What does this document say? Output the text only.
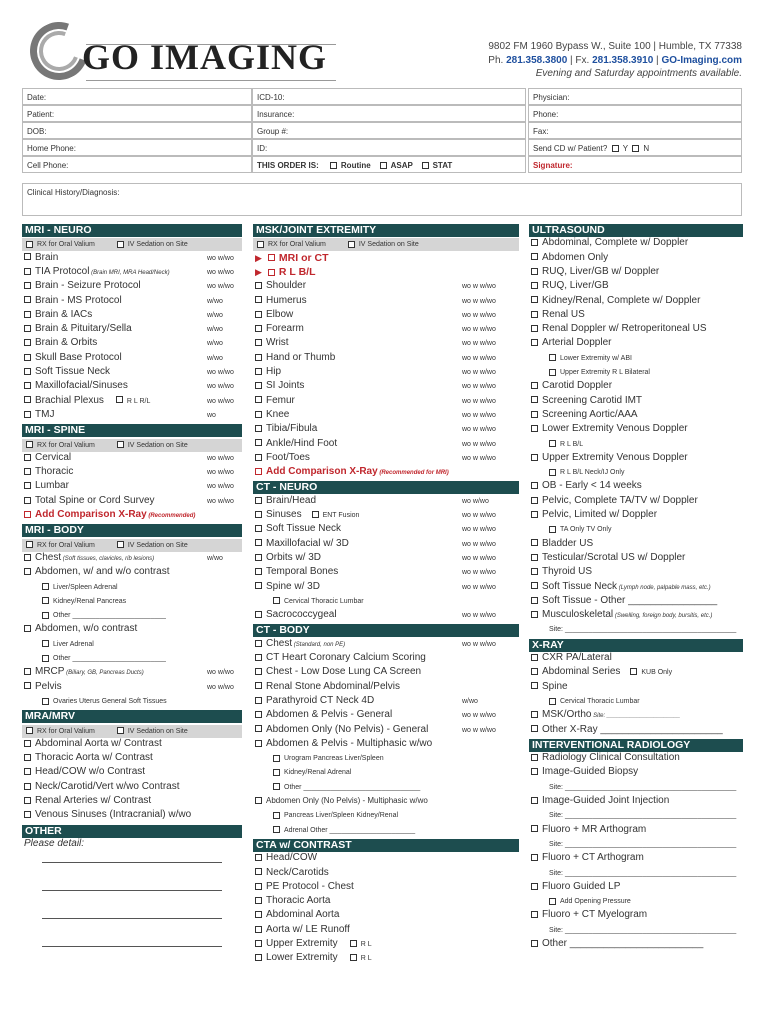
GO IMAGING	9802 FM 1960 Bypass W., Suite 100 | Humble, TX 77338
Ph. 281.358.3800 | Fx. 281.358.3910 | GO-Imaging.com
Evening and Saturday appointments available.
Date:	ICD-10:	Physician:
Patient:	Insurance:	Phone:
DOB:	Group #:	Fax:
Home Phone:	ID:	Send CD w/ Patient? Y N
Cell Phone:	THIS ORDER IS:	Routine ASAP STAT	Signature:
Clinical History/Diagnosis:
MRI - NEURO
RX for Oral Valium	IV Sedation on Site
Brain	wo w/wo
TIA Protocol (Brain MRI, MRA Head/Neck)	wo w/wo
Brain - Seizure Protocol	wo w/wo
Brain - MS Protocol	w/wo
Brain & IACs	w/wo
Brain & Pituitary/Sella	w/wo
Brain & Orbits	w/wo
Skull Base Protocol	w/wo
Soft Tissue Neck	wo w/wo
Maxillofacial/Sinuses	wo w/wo
Brachial Plexus	R L R/L	wo w/wo
TMJ	wo
MRI - SPINE
RX for Oral Valium	IV Sedation on Site
Cervical	wo w/wo
Thoracic	wo w/wo
Lumbar	wo w/wo
Total Spine or Cord Survey	wo w/wo
Add Comparison X-Ray (Recommended)
MRI - BODY
RX for Oral Valium	IV Sedation on Site
Chest (Soft tissues, clavicles, rib lesions)	w/wo
Abdomen, w/ and w/o contrast
Liver/Spleen Adrenal
Kidney/Renal Pancreas
Other ________________________
Abdomen, w/o contrast
Liver Adrenal
Other ________________________
MRCP (Biliary, GB, Pancreas Ducts)	wo w/wo
Pelvis	wo w/wo
Ovaries Uterus General Soft Tissues
MRA/MRV
RX for Oral Valium	IV Sedation on Site
Abdominal Aorta w/ Contrast
Thoracic Aorta w/ Contrast
Head/COW w/o Contrast
Neck/Carotid/Vert w/wo Contrast
Renal Arteries w/ Contrast
Venous Sinuses (Intracranial) w/wo
OTHER
Please detail:
MSK/JOINT EXTREMITY
RX for Oral Valium	IV Sedation on Site
▶ MRI or CT
▶ R L B/L
Shoulder	wo w w/wo
Humerus	wo w w/wo
Elbow	wo w w/wo
Forearm	wo w w/wo
Wrist	wo w w/wo
Hand or Thumb	wo w w/wo
Hip	wo w w/wo
SI Joints	wo w w/wo
Femur	wo w w/wo
Knee	wo w w/wo
Tibia/Fibula	wo w w/wo
Ankle/Hind Foot	wo w w/wo
Foot/Toes	wo w w/wo
Add Comparison X-Ray (Recommended for MRI)
CT - NEURO
Brain/Head	wo w/wo
Sinuses	ENT Fusion	wo w w/wo
Soft Tissue Neck	wo w w/wo
Maxillofacial w/ 3D	wo w w/wo
Orbits w/ 3D	wo w w/wo
Temporal Bones	wo w w/wo
Spine w/ 3D	wo w w/wo
Cervical Thoracic Lumbar
Sacrococcygeal	wo w w/wo
CT - BODY
Chest (Standard, non PE)	wo w w/wo
CT Heart Coronary Calcium Scoring
Chest - Low Dose Lung CA Screen
Renal Stone Abdominal/Pelvis
Parathyroid CT Neck 4D	w/wo
Abdomen & Pelvis - General	wo w w/wo
Abdomen Only (No Pelvis) - General	wo w w/wo
Abdomen & Pelvis - Multiphasic w/wo
Urogram Pancreas Liver/Spleen
Kidney/Renal Adrenal
Other ______________________________
Abdomen Only (No Pelvis) - Multiphasic w/wo
Pancreas Liver/Spleen Kidney/Renal
Adrenal Other ______________________
CTA w/ CONTRAST
Head/COW
Neck/Carotids
PE Protocol - Chest
Thoracic Aorta
Abdominal Aorta
Aorta w/ LE Runoff
Upper Extremity	R L
Lower Extremity	R L
ULTRASOUND
Abdominal, Complete w/ Doppler
Abdomen Only
RUQ, Liver/GB w/ Doppler
RUQ, Liver/GB
Kidney/Renal, Complete w/ Doppler
Renal US
Renal Doppler w/ Retroperitoneal US
Arterial Doppler
Lower Extremity w/ ABI
Upper Extremity R L Bilateral
Carotid Doppler
Screening Carotid IMT
Screening Aortic/AAA
Lower Extremity Venous Doppler
R L B/L
Upper Extremity Venous Doppler
R L B/L Neck/IJ Only
OB - Early < 14 weeks
Pelvic, Complete TA/TV w/ Doppler
Pelvic, Limited w/ Doppler
TA Only TV Only
Bladder US
Testicular/Scrotal US w/ Doppler
Thyroid US
Soft Tissue Neck (Lymph node, palpable mass, etc.)
Soft Tissue - Other ________________
Musculoskeletal (Swelling, foreign body, bursitis, etc.)
Site: ____________________________________________
X-RAY
CXR PA/Lateral
Abdominal Series	KUB Only
Spine
Cervical Thoracic Lumbar
MSK/Ortho Site: ______________________
Other X-Ray ______________________
INTERVENTIONAL RADIOLOGY
Radiology Clinical Consultation
Image-Guided Biopsy
Site: ____________________________________________
Image-Guided Joint Injection
Site: ____________________________________________
Fluoro + MR Arthogram
Site: ____________________________________________
Fluoro + CT Arthogram
Site: ____________________________________________
Fluoro Guided LP
Add Opening Pressure
Fluoro + CT Myelogram
Site: ____________________________________________
Other ________________________
